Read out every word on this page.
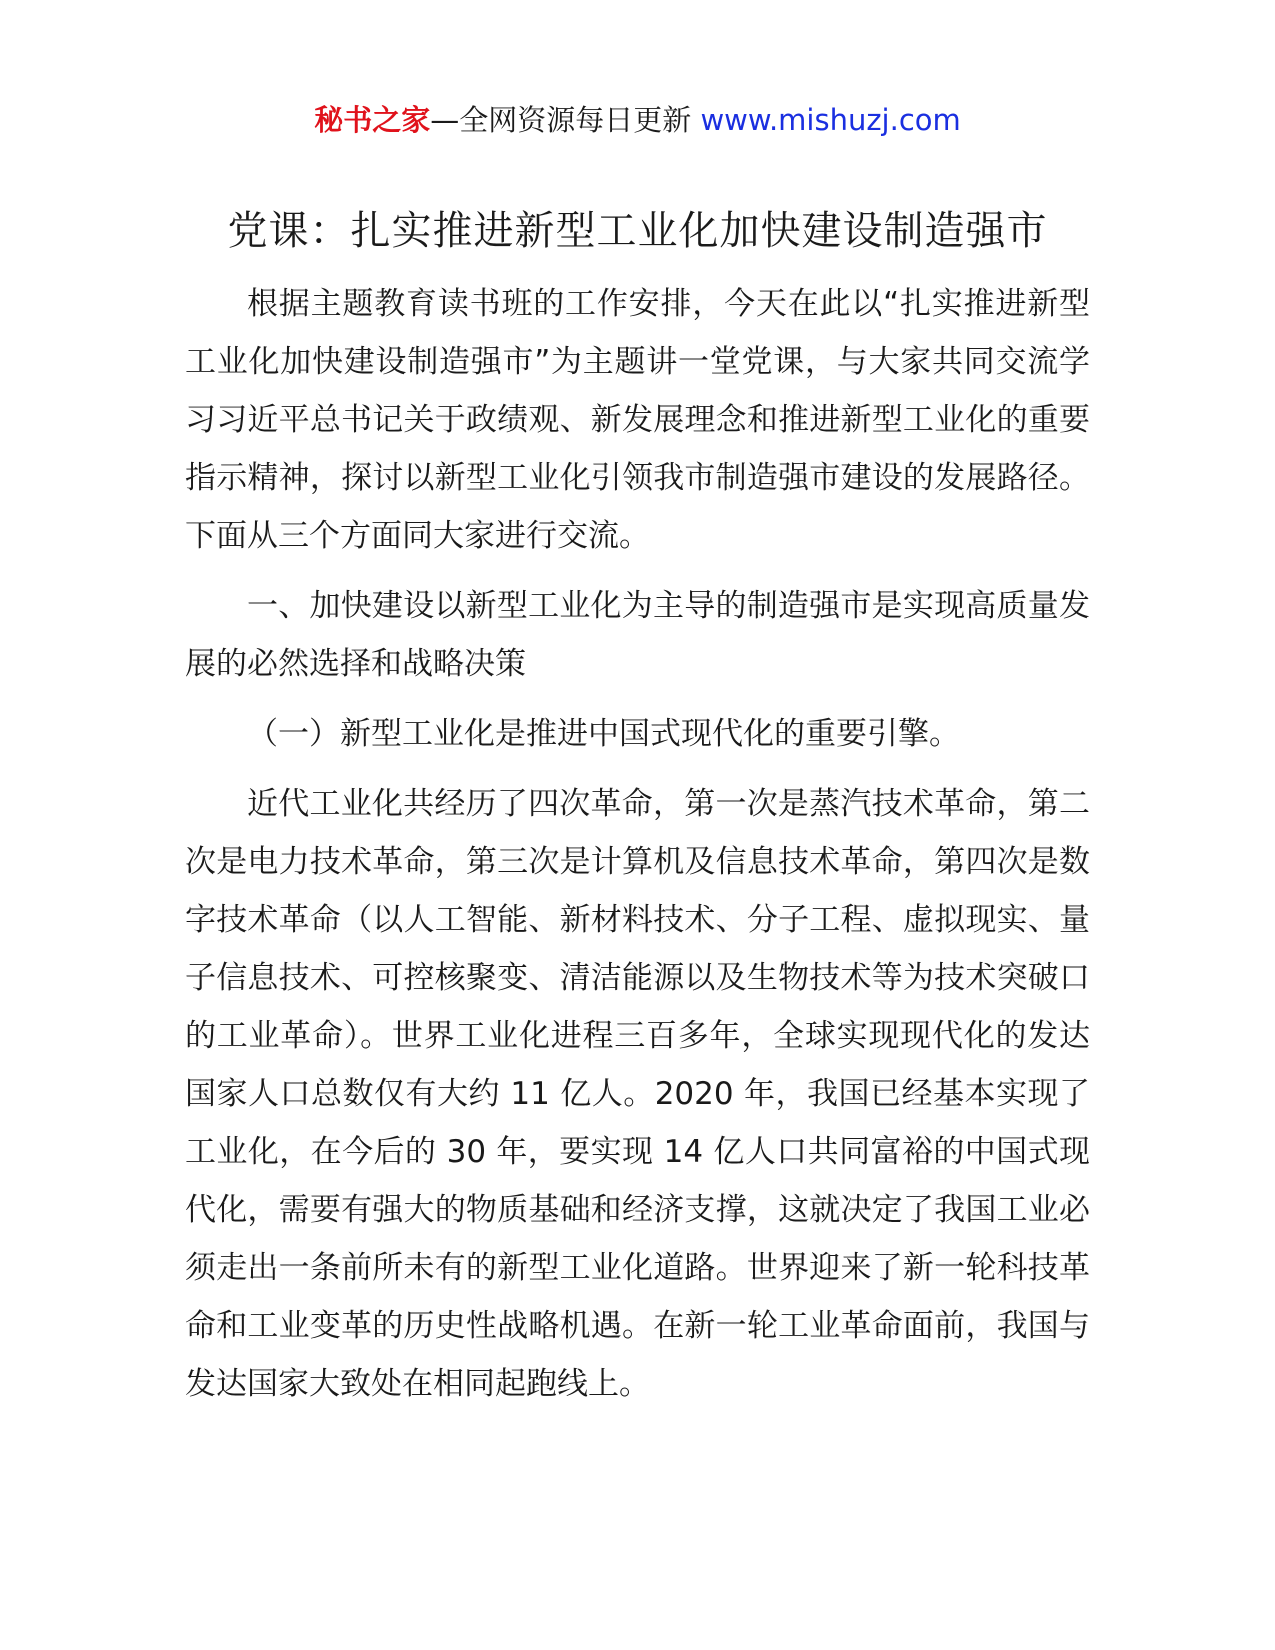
秘书之家—全网资源每日更新 www.mishuzj.com
党课：扎实推进新型工业化加快建设制造强市

根据主题教育读书班的工作安排，今天在此以“扎实推进新型工业化加快建设制造强市”为主题讲一堂党课，与大家共同交流学习习近平总书记关于政绩观、新发展理念和推进新型工业化的重要指示精神，探讨以新型工业化引领我市制造强市建设的发展路径。下面从三个方面同大家进行交流。

一、加快建设以新型工业化为主导的制造强市是实现高质量发展的必然选择和战略决策

（一）新型工业化是推进中国式现代化的重要引擎。

近代工业化共经历了四次革命，第一次是蒸汽技术革命，第二次是电力技术革命，第三次是计算机及信息技术革命，第四次是数字技术革命（以人工智能、新材料技术、分子工程、虚拟现实、量子信息技术、可控核聚变、清洁能源以及生物技术等为技术突破口的工业革命）。世界工业化进程三百多年，全球实现现代化的发达国家人口总数仅有大约 11 亿人。2020 年，我国已经基本实现了工业化，在今后的 30 年，要实现 14 亿人口共同富裕的中国式现代化，需要有强大的物质基础和经济支撑，这就决定了我国工业必须走出一条前所未有的新型工业化道路。世界迎来了新一轮科技革命和工业变革的历史性战略机遇。在新一轮工业革命面前，我国与发达国家大致处在相同起跑线上。
